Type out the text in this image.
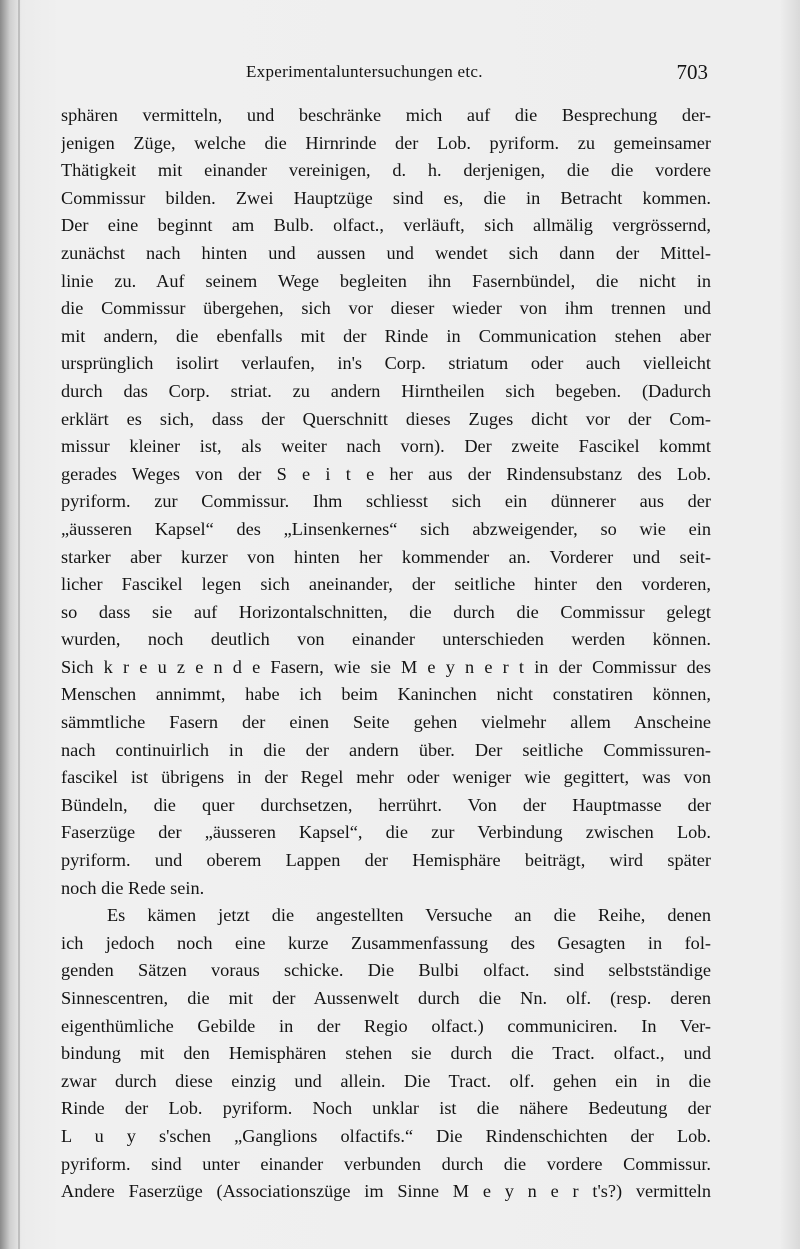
Experimentaluntersuchungen etc.	703
sphären vermitteln, und beschränke mich auf die Besprechung der-
jenigen Züge, welche die Hirnrinde der Lob. pyriform. zu gemeinsamer
Thätigkeit mit einander vereinigen, d. h. derjenigen, die die vordere
Commissur bilden. Zwei Hauptzüge sind es, die in Betracht kommen.
Der eine beginnt am Bulb. olfact., verläuft, sich allmälig vergrössernd,
zunächst nach hinten und aussen und wendet sich dann der Mittel-
linie zu. Auf seinem Wege begleiten ihn Fasernbündel, die nicht in
die Commissur übergehen, sich vor dieser wieder von ihm trennen und
mit andern, die ebenfalls mit der Rinde in Communication stehen aber
ursprünglich isolirt verlaufen, in's Corp. striatum oder auch vielleicht
durch das Corp. striat. zu andern Hirntheilen sich begeben. (Dadurch
erklärt es sich, dass der Querschnitt dieses Zuges dicht vor der Com-
missur kleiner ist, als weiter nach vorn). Der zweite Fascikel kommt
gerades Weges von der S e i t e her aus der Rindensubstanz des Lob.
pyriform. zur Commissur. Ihm schliesst sich ein dünnerer aus der
„äusseren Kapsel“ des „Linsenkernes“ sich abzweigender, so wie ein
starker aber kurzer von hinten her kommender an. Vorderer und seit-
licher Fascikel legen sich aneinander, der seitliche hinter den vorderen,
so dass sie auf Horizontalschnitten, die durch die Commissur gelegt
wurden, noch deutlich von einander unterschieden werden können.
Sich k r e u z e n d e Fasern, wie sie M e y n e r t in der Commissur des
Menschen annimmt, habe ich beim Kaninchen nicht constatiren können,
sämmtliche Fasern der einen Seite gehen vielmehr allem Anscheine
nach continuirlich in die der andern über. Der seitliche Commissuren-
fascikel ist übrigens in der Regel mehr oder weniger wie gegittert, was von
Bündeln, die quer durchsetzen, herrührt. Von der Hauptmasse der
Faserzüge der „äusseren Kapsel“, die zur Verbindung zwischen Lob.
pyriform. und oberem Lappen der Hemisphäre beiträgt, wird später
noch die Rede sein.
Es kämen jetzt die angestellten Versuche an die Reihe, denen
ich jedoch noch eine kurze Zusammenfassung des Gesagten in fol-
genden Sätzen voraus schicke. Die Bulbi olfact. sind selbstständige
Sinnescentren, die mit der Aussenwelt durch die Nn. olf. (resp. deren
eigenthümliche Gebilde in der Regio olfact.) communiciren. In Ver-
bindung mit den Hemisphären stehen sie durch die Tract. olfact., und
zwar durch diese einzig und allein. Die Tract. olf. gehen ein in die
Rinde der Lob. pyriform. Noch unklar ist die nähere Bedeutung der
L u y s'schen „Ganglions olfactifs.“ Die Rindenschichten der Lob.
pyriform. sind unter einander verbunden durch die vordere Commissur.
Andere Faserzüge (Associationszüge im Sinne M e y n e r t's?) vermitteln
